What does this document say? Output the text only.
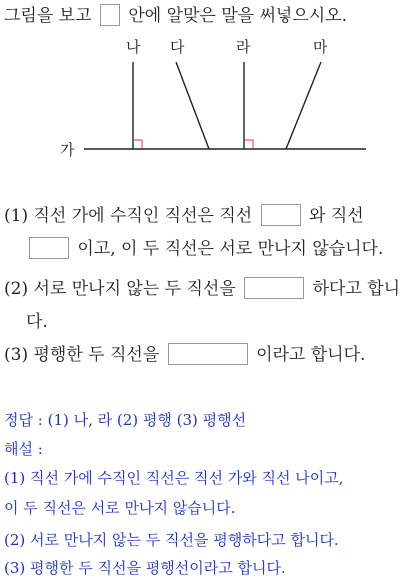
그림을 보고 안에 알맞은 말을 써넣으시오.
나 다	라	마
가
(1) 직선 가에 수직인 직선은 직선	와 직선
이고, 이 두 직선은 서로 만나지 않습니다.
(2) 서로 만나지 않는 두 직선을	하다고 합니
다.
(3) 평행한 두 직선을	이라고 합니다.
정답 : (1) 나, 라 (2) 평행 (3) 평행선
해설 :
(1) 직선 가에 수직인 직선은 직선 가와 직선 나이고,
이 두 직선은 서로 만나지 않습니다.
(2) 서로 만나지 않는 두 직선을 평행하다고 합니다.
(3) 평행한 두 직선을 평행선이라고 합니다.
